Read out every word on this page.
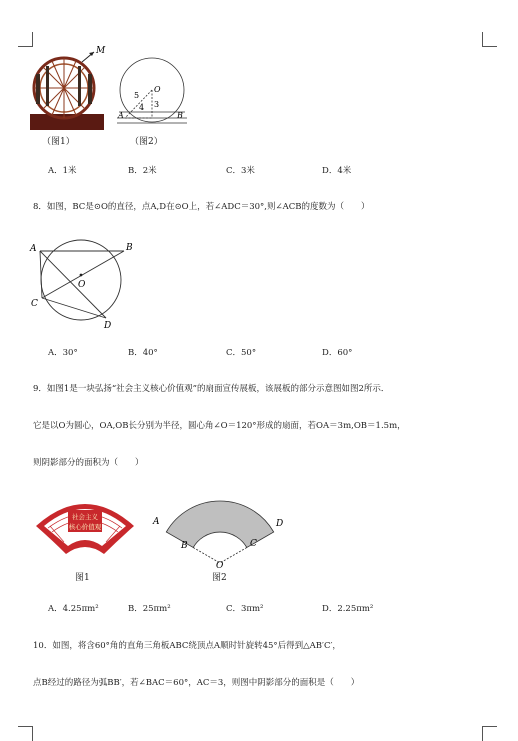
M
（图1）
O
5
4 3
A	B
（图2）
A．1米	B．2米	C．3米	D．4米
8．如图，BC是⊙O的直径，点A,D在⊙O上，若∠ADC＝30°,则∠ACB的度数为（　　）
A	B
C
D
O
A．30°	B．40°	C．50°	D．60°
9．如图1是一块弘扬“社会主义核心价值观”的扇面宣传展板，该展板的部分示意图如图2所示．
它是以O为圆心，OA,OB长分别为半径，圆心角∠O＝120°形成的扇面，若OA＝3m,OB＝1.5m，
则阴影部分的面积为（　　）
社会主义
核心价值观
图1
A	D
B	C
O
图2
A．4.25πm²	B．25πm²	C．3πm²	D．2.25πm²
10．如图，将含60°角的直角三角板ABC绕顶点A顺时针旋转45°后得到△AB′C′，
点B经过的路径为弧BB′，若∠BAC＝60°，AC＝3，则图中阴影部分的面积是（　　）
